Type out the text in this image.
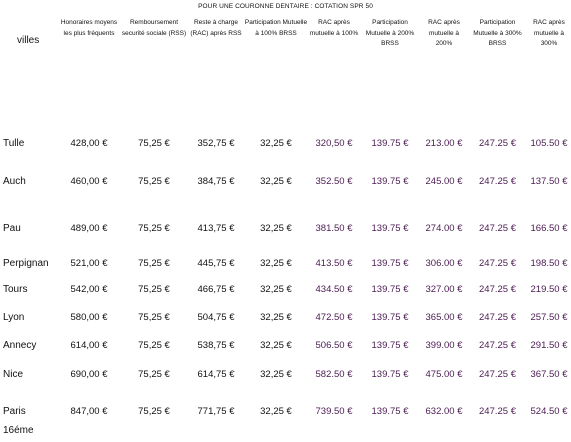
POUR UNE COURONNE DENTAIRE : COTATION SPR 50
villes	Honoraires moyens les plus fréquents	Remboursement securité sociale (RSS)	Reste à charge (RAC) après RSS	Participation Mutuelle à 100% BRSS	RAC après mutuelle à 100%	Participation Mutuelle à 200% BRSS	RAC après mutuelle à 200%	Participation Mutuelle à 300% BRSS	RAC après mutuelle à 300%
Tulle	428,00 €	75,25 €	352,75 €	32,25 €	320,50 €	139.75 €	213.00 €	247.25 €	105.50 €
Auch	460,00 €	75,25 €	384,75 €	32,25 €	352.50 €	139.75 €	245.00 €	247.25 €	137.50 €
Pau	489,00 €	75,25 €	413,75 €	32,25 €	381.50 €	139.75 €	274.00 €	247.25 €	166.50 €
Perpignan	521,00 €	75,25 €	445,75 €	32,25 €	413.50 €	139.75 €	306.00 €	247.25 €	198.50 €
Tours	542,00 €	75,25 €	466,75 €	32,25 €	434.50 €	139.75 €	327.00 €	247.25 €	219.50 €
Lyon	580,00 €	75,25 €	504,75 €	32,25 €	472.50 €	139.75 €	365.00 €	247.25 €	257.50 €
Annecy	614,00 €	75,25 €	538,75 €	32,25 €	506.50 €	139.75 €	399.00 €	247.25 €	291.50 €
Nice	690,00 €	75,25 €	614,75 €	32,25 €	582.50 €	139.75 €	475.00 €	247.25 €	367.50 €
Paris 16éme	847,00 €	75,25 €	771,75 €	32,25 €	739.50 €	139.75 €	632.00 €	247.25 €	524.50 €
